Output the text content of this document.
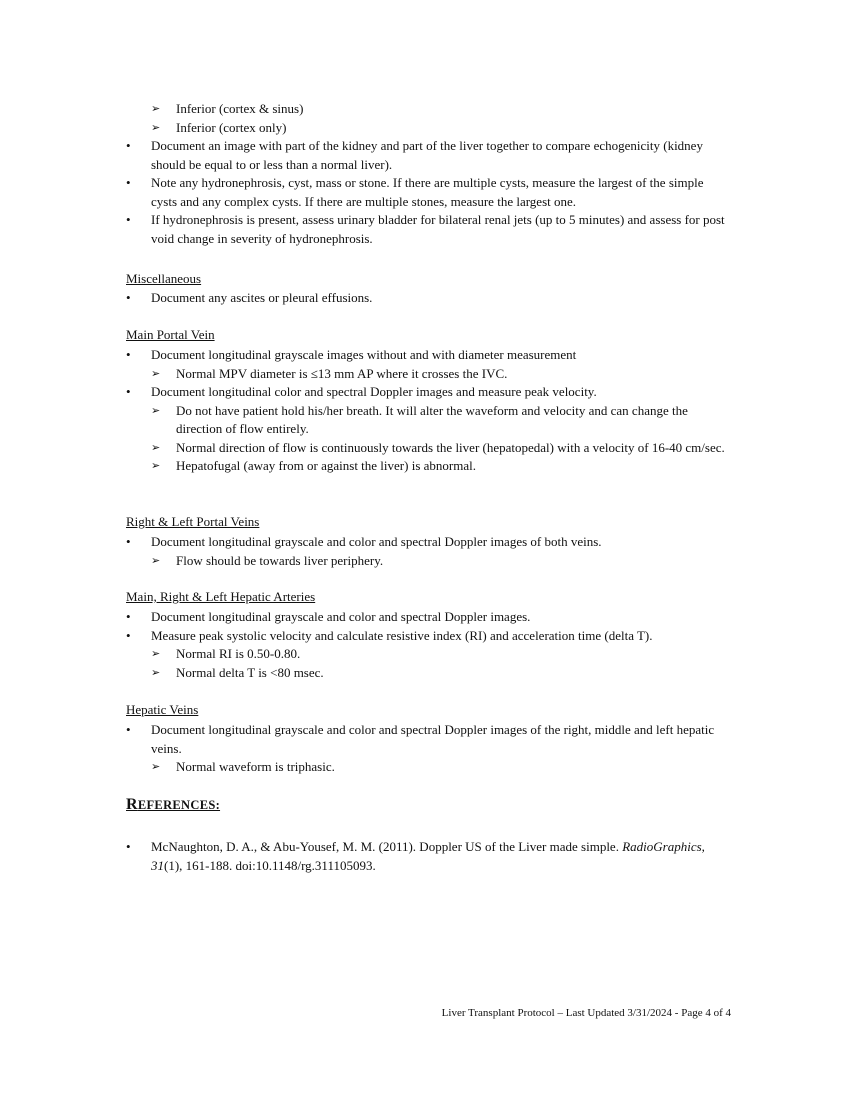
➢ Inferior (cortex & sinus)
➢ Inferior (cortex only)
• Document an image with part of the kidney and part of the liver together to compare echogenicity (kidney should be equal to or less than a normal liver).
• Note any hydronephrosis, cyst, mass or stone. If there are multiple cysts, measure the largest of the simple cysts and any complex cysts. If there are multiple stones, measure the largest one.
• If hydronephrosis is present, assess urinary bladder for bilateral renal jets (up to 5 minutes) and assess for post void change in severity of hydronephrosis.
Miscellaneous
• Document any ascites or pleural effusions.
Main Portal Vein
• Document longitudinal grayscale images without and with diameter measurement
➢ Normal MPV diameter is ≤13 mm AP where it crosses the IVC.
• Document longitudinal color and spectral Doppler images and measure peak velocity.
➢ Do not have patient hold his/her breath. It will alter the waveform and velocity and can change the direction of flow entirely.
➢ Normal direction of flow is continuously towards the liver (hepatopedal) with a velocity of 16-40 cm/sec.
➢ Hepatofugal (away from or against the liver) is abnormal.
Right & Left Portal Veins
• Document longitudinal grayscale and color and spectral Doppler images of both veins.
➢ Flow should be towards liver periphery.
Main, Right & Left Hepatic Arteries
• Document longitudinal grayscale and color and spectral Doppler images.
• Measure peak systolic velocity and calculate resistive index (RI) and acceleration time (delta T).
➢ Normal RI is 0.50-0.80.
➢ Normal delta T is <80 msec.
Hepatic Veins
• Document longitudinal grayscale and color and spectral Doppler images of the right, middle and left hepatic veins.
➢ Normal waveform is triphasic.
REFERENCES:
• McNaughton, D. A., & Abu-Yousef, M. M. (2011). Doppler US of the Liver made simple. RadioGraphics, 31(1), 161-188. doi:10.1148/rg.311105093.
Liver Transplant Protocol – Last Updated 3/31/2024 - Page 4 of 4
